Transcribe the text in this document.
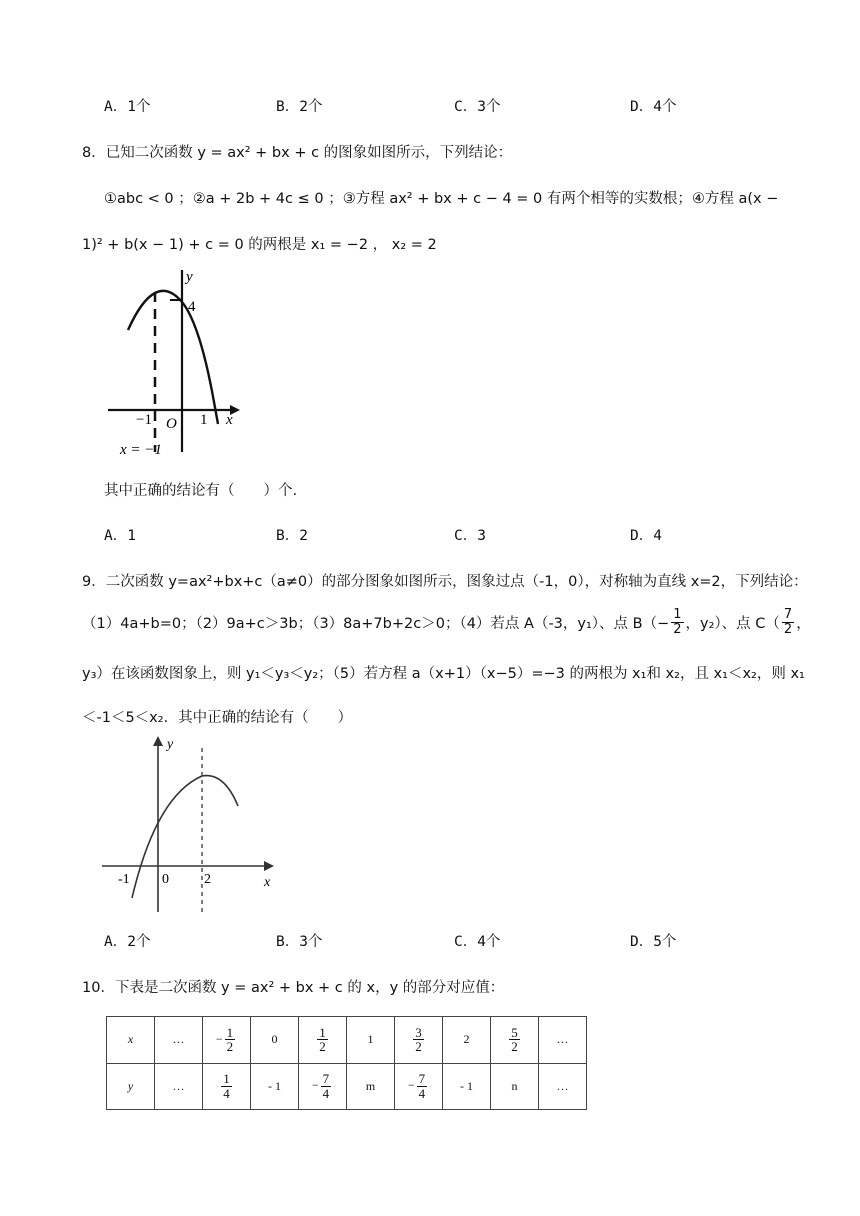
A．1个	B．2个	C．3个	D．4个
8．已知二次函数 y = ax² + bx + c 的图象如图所示，下列结论：
①abc < 0 ；②a + 2b + 4c ≤ 0 ；③方程 ax² + bx + c − 4 = 0 有两个相等的实数根；④方程 a(x −
1)² + b(x − 1) + c = 0 的两根是 x₁ = −2 ， x₂ = 2
y
4
x
−1 O 1
x = −1
其中正确的结论有（　　）个.
A．1	B．2	C．3	D．4
9．二次函数 y=ax²+bx+c（a≠0）的部分图象如图所示，图象过点（-1，0），对称轴为直线 x=2，下列结论：
（1）4a+b=0；（2）9a+c＞3b；（3）8a+7b+2c＞0；（4）若点 A（-3，y₁）、点 $B(- \frac{1}{2}$ ，y₂）、点 $C( \frac{7}{2}$ ，
y₃）在该函数图象上，则 y₁＜y₃＜y₂；（5）若方程 a（x+1）（x−5）=−3 的两根为 x₁和 x₂，且 x₁＜x₂，则 x₁
＜-1＜5＜x₂．其中正确的结论有（　　）
y
x
-1 0	2
A．2个	B．3个	C．4个	D．5个
10．下表是二次函数 y = ax² + bx + c 的 x，y 的部分对应值：
x	…	− $\frac{1}{2}$	0	$\frac{1}{2}$	1	$\frac{3}{2}$	2	$\frac{5}{2}$	…
y	…	$\frac{1}{4}$	- 1	− $\frac{7}{4}$	m	− $\frac{7}{4}$	- 1	n	…
